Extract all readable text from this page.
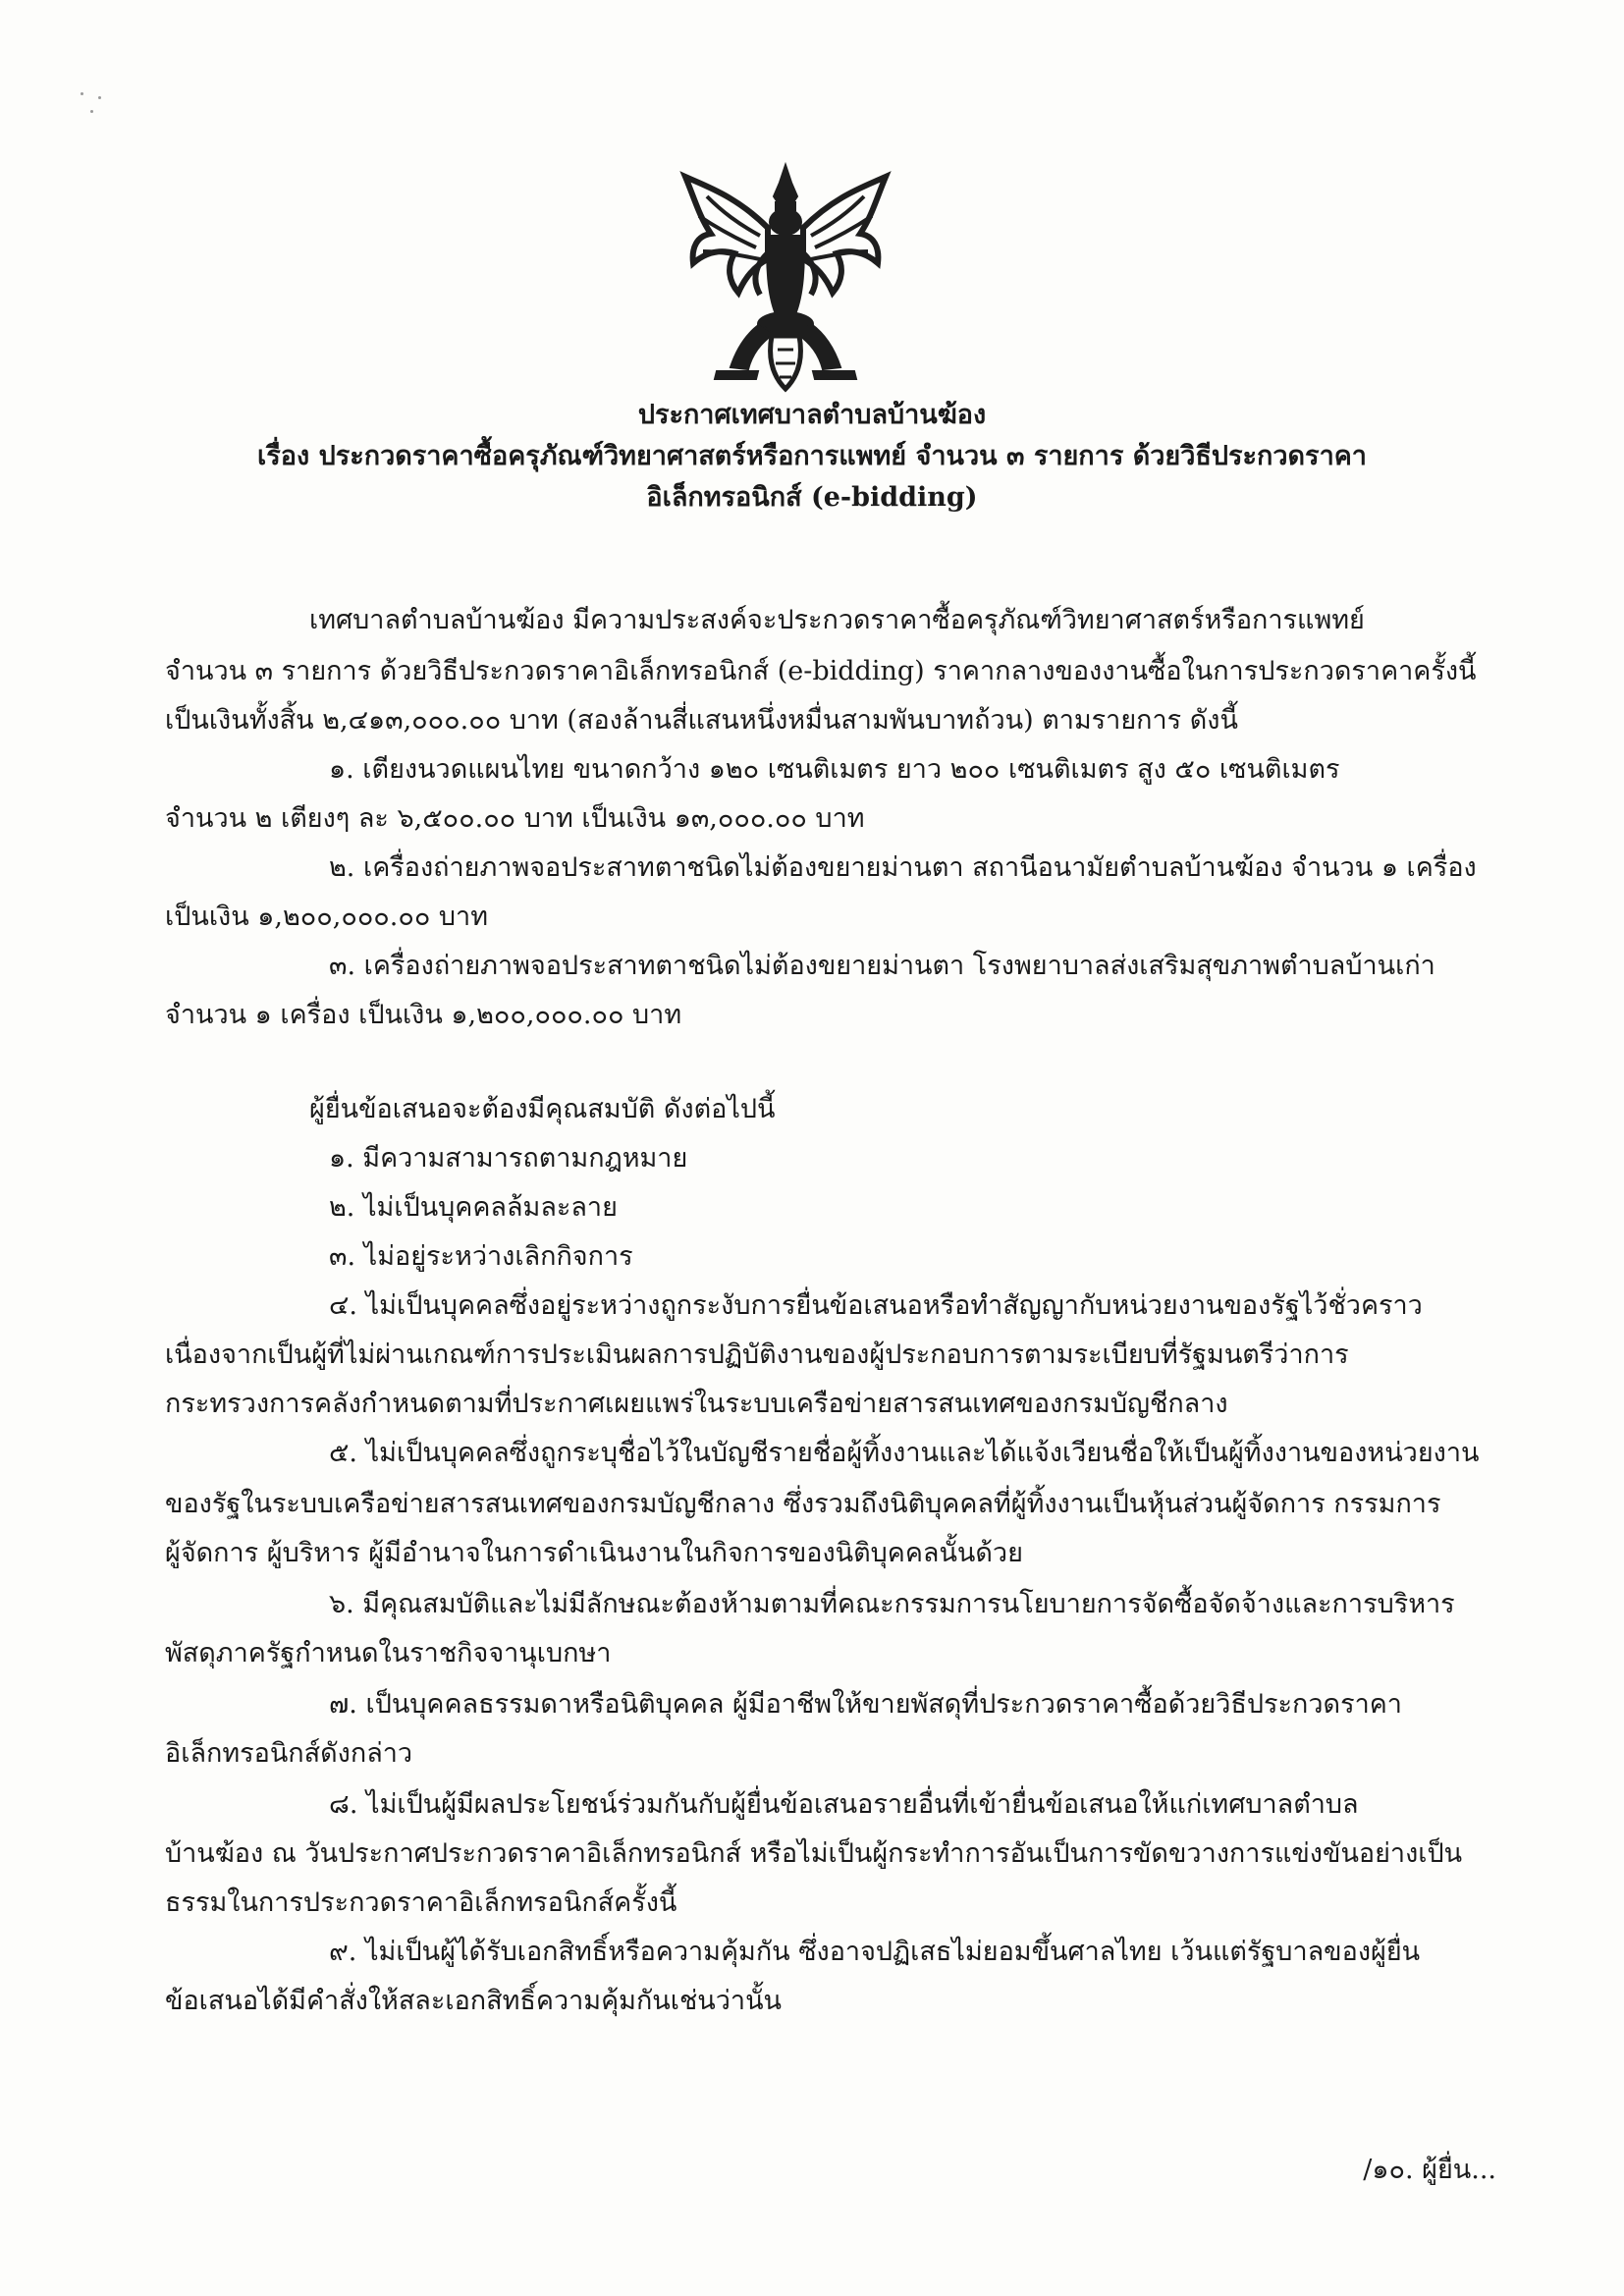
ประกาศเทศบาลตำบลบ้านฆ้อง
เรื่อง ประกวดราคาซื้อครุภัณฑ์วิทยาศาสตร์หรือการแพทย์ จำนวน ๓ รายการ ด้วยวิธีประกวดราคา
อิเล็กทรอนิกส์ (e-bidding)
เทศบาลตำบลบ้านฆ้อง มีความประสงค์จะประกวดราคาซื้อครุภัณฑ์วิทยาศาสตร์หรือการแพทย์
จำนวน ๓ รายการ ด้วยวิธีประกวดราคาอิเล็กทรอนิกส์ (e-bidding) ราคากลางของงานซื้อในการประกวดราคาครั้งนี้
เป็นเงินทั้งสิ้น ๒,๔๑๓,๐๐๐.๐๐ บาท (สองล้านสี่แสนหนึ่งหมื่นสามพันบาทถ้วน) ตามรายการ ดังนี้
๑. เตียงนวดแผนไทย ขนาดกว้าง ๑๒๐ เซนติเมตร ยาว ๒๐๐ เซนติเมตร สูง ๕๐ เซนติเมตร
จำนวน ๒ เตียงๆ ละ ๖,๕๐๐.๐๐ บาท เป็นเงิน ๑๓,๐๐๐.๐๐ บาท
๒. เครื่องถ่ายภาพจอประสาทตาชนิดไม่ต้องขยายม่านตา สถานีอนามัยตำบลบ้านฆ้อง จำนวน ๑ เครื่อง
เป็นเงิน ๑,๒๐๐,๐๐๐.๐๐ บาท
๓. เครื่องถ่ายภาพจอประสาทตาชนิดไม่ต้องขยายม่านตา โรงพยาบาลส่งเสริมสุขภาพตำบลบ้านเก่า
จำนวน ๑ เครื่อง เป็นเงิน ๑,๒๐๐,๐๐๐.๐๐ บาท
ผู้ยื่นข้อเสนอจะต้องมีคุณสมบัติ ดังต่อไปนี้
๑. มีความสามารถตามกฎหมาย
๒. ไม่เป็นบุคคลล้มละลาย
๓. ไม่อยู่ระหว่างเลิกกิจการ
๔. ไม่เป็นบุคคลซึ่งอยู่ระหว่างถูกระงับการยื่นข้อเสนอหรือทำสัญญากับหน่วยงานของรัฐไว้ชั่วคราว
เนื่องจากเป็นผู้ที่ไม่ผ่านเกณฑ์การประเมินผลการปฏิบัติงานของผู้ประกอบการตามระเบียบที่รัฐมนตรีว่าการ
กระทรวงการคลังกำหนดตามที่ประกาศเผยแพร่ในระบบเครือข่ายสารสนเทศของกรมบัญชีกลาง
๕. ไม่เป็นบุคคลซึ่งถูกระบุชื่อไว้ในบัญชีรายชื่อผู้ทิ้งงานและได้แจ้งเวียนชื่อให้เป็นผู้ทิ้งงานของหน่วยงาน
ของรัฐในระบบเครือข่ายสารสนเทศของกรมบัญชีกลาง ซึ่งรวมถึงนิติบุคคลที่ผู้ทิ้งงานเป็นหุ้นส่วนผู้จัดการ กรรมการ
ผู้จัดการ ผู้บริหาร ผู้มีอำนาจในการดำเนินงานในกิจการของนิติบุคคลนั้นด้วย
๖. มีคุณสมบัติและไม่มีลักษณะต้องห้ามตามที่คณะกรรมการนโยบายการจัดซื้อจัดจ้างและการบริหาร
พัสดุภาครัฐกำหนดในราชกิจจานุเบกษา
๗. เป็นบุคคลธรรมดาหรือนิติบุคคล ผู้มีอาชีพให้ขายพัสดุที่ประกวดราคาซื้อด้วยวิธีประกวดราคา
อิเล็กทรอนิกส์ดังกล่าว
๘. ไม่เป็นผู้มีผลประโยชน์ร่วมกันกับผู้ยื่นข้อเสนอรายอื่นที่เข้ายื่นข้อเสนอให้แก่เทศบาลตำบล
บ้านฆ้อง ณ วันประกาศประกวดราคาอิเล็กทรอนิกส์ หรือไม่เป็นผู้กระทำการอันเป็นการขัดขวางการแข่งขันอย่างเป็น
ธรรมในการประกวดราคาอิเล็กทรอนิกส์ครั้งนี้
๙. ไม่เป็นผู้ได้รับเอกสิทธิ์หรือความคุ้มกัน ซึ่งอาจปฏิเสธไม่ยอมขึ้นศาลไทย เว้นแต่รัฐบาลของผู้ยื่น
ข้อเสนอได้มีคำสั่งให้สละเอกสิทธิ์ความคุ้มกันเช่นว่านั้น
/๑๐. ผู้ยื่น...
